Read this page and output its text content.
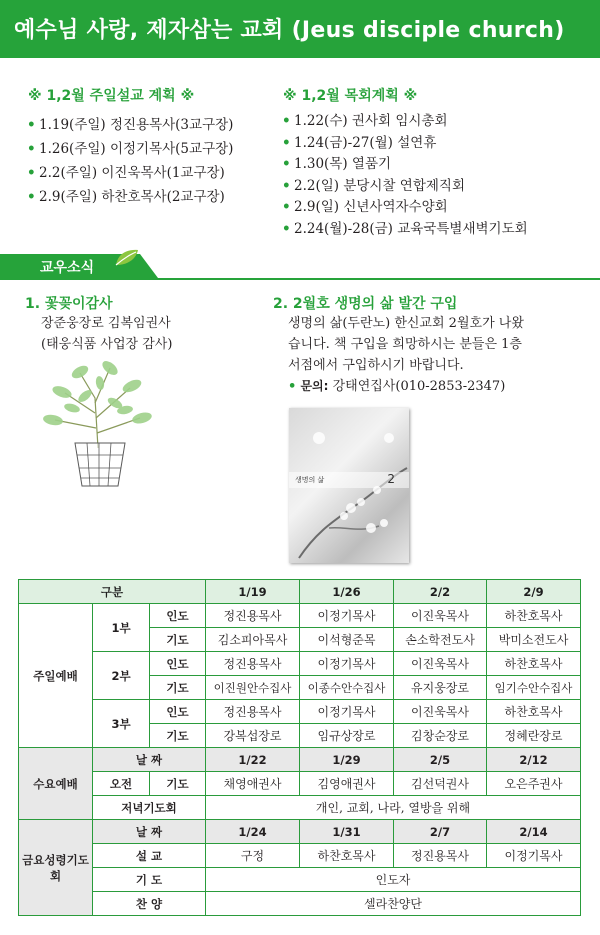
예수님 사랑, 제자삼는 교회 (Jeus disciple church)
※ 1,2월 주일설교 계획 ※
• 1.19(주일) 정진용목사(3교구장)
• 1.26(주일) 이정기목사(5교구장)
• 2.2(주일) 이진욱목사(1교구장)
• 2.9(주일) 하찬호목사(2교구장)
※ 1,2월 목회계획 ※
• 1.22(수) 권사회 임시총회
• 1.24(금)-27(월) 설연휴
• 1.30(목) 열품기
• 2.2(일) 분당시찰 연합제직회
• 2.9(일) 신년사역자수양회
• 2.24(월)-28(금) 교육국특별새벽기도회
교우소식
1. 꽃꽂이감사
장준웅장로 김복임권사
(태웅식품 사업장 감사)
2. 2월호 생명의 삶 발간 구입
생명의 삶(두란노) 한신교회 2월호가 나왔
습니다. 책 구입을 희망하시는 분들은 1층
서점에서 구입하시기 바랍니다.
• 문의: 강태연집사(010-2853-2347)
생명의 삶	2
구분			1/19	1/26	2/2	2/9
주일예배	1부	인도	정진용목사	이정기목사	이진욱목사	하찬호목사
		기도	김소피아목사	이석형준목	손소학전도사	박미소전도사
	2부	인도	정진용목사	이정기목사	이진욱목사	하찬호목사
		기도	이진원안수집사	이종수안수집사	유지웅장로	임기수안수집사
	3부	인도	정진용목사	이정기목사	이진욱목사	하찬호목사
		기도	강복섭장로	임규상장로	김창순장로	정혜란장로
수요예배	날 짜		1/22	1/29	2/5	2/12
	오전	기도	채영애권사	김영애권사	김선덕권사	오은주권사
	저녁기도회		개인, 교회, 나라, 열방을 위해			
금요성령기도회	날 짜		1/24	1/31	2/7	2/14
	설 교		구정	하찬호목사	정진용목사	이정기목사
	기 도		인도자			
	찬 양		셀라찬양단			
